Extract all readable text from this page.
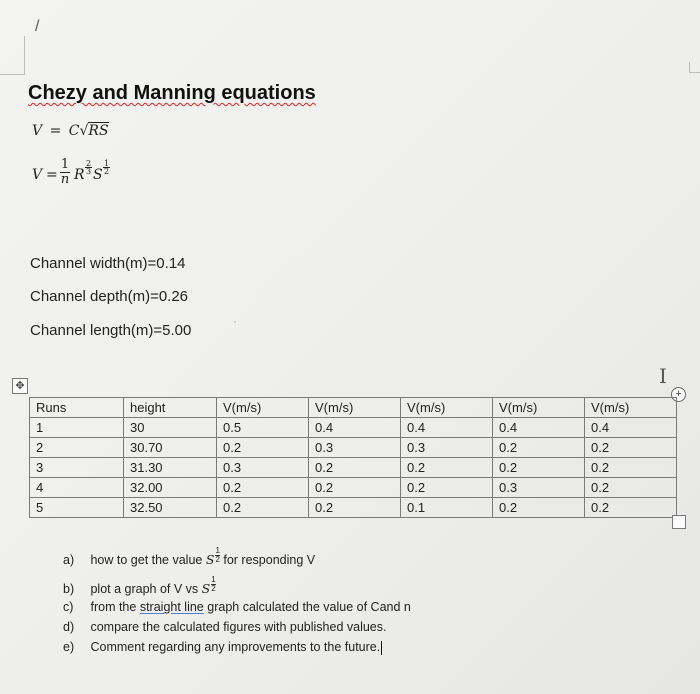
/
Chezy and Manning equations
V = C√RS
V =
1
n R $\frac{2}{3}$ S $\frac{1}{2}$
Channel width(m)=0.14
Channel depth(m)=0.26
Channel length(m)=5.00	'
✥	I
+
Runs	height	V(m/s)	V(m/s)	V(m/s)	V(m/s)	V(m/s)
1	30	0.5	0.4	0.4	0.4	0.4
2	30.70	0.2	0.3	0.3	0.2	0.2
3	31.30	0.3	0.2	0.2	0.2	0.2
4	32.00	0.2	0.2	0.2	0.3	0.2
5	32.50	0.2	0.2	0.1	0.2	0.2
a) how to get the value S $\frac{1}{2}$ for responding V
b) plot a graph of V vs S $\frac{1}{2}$
c) from the straight line graph calculated the value of Cand n
d) compare the calculated figures with published values.
e) Comment regarding any improvements to the future.
